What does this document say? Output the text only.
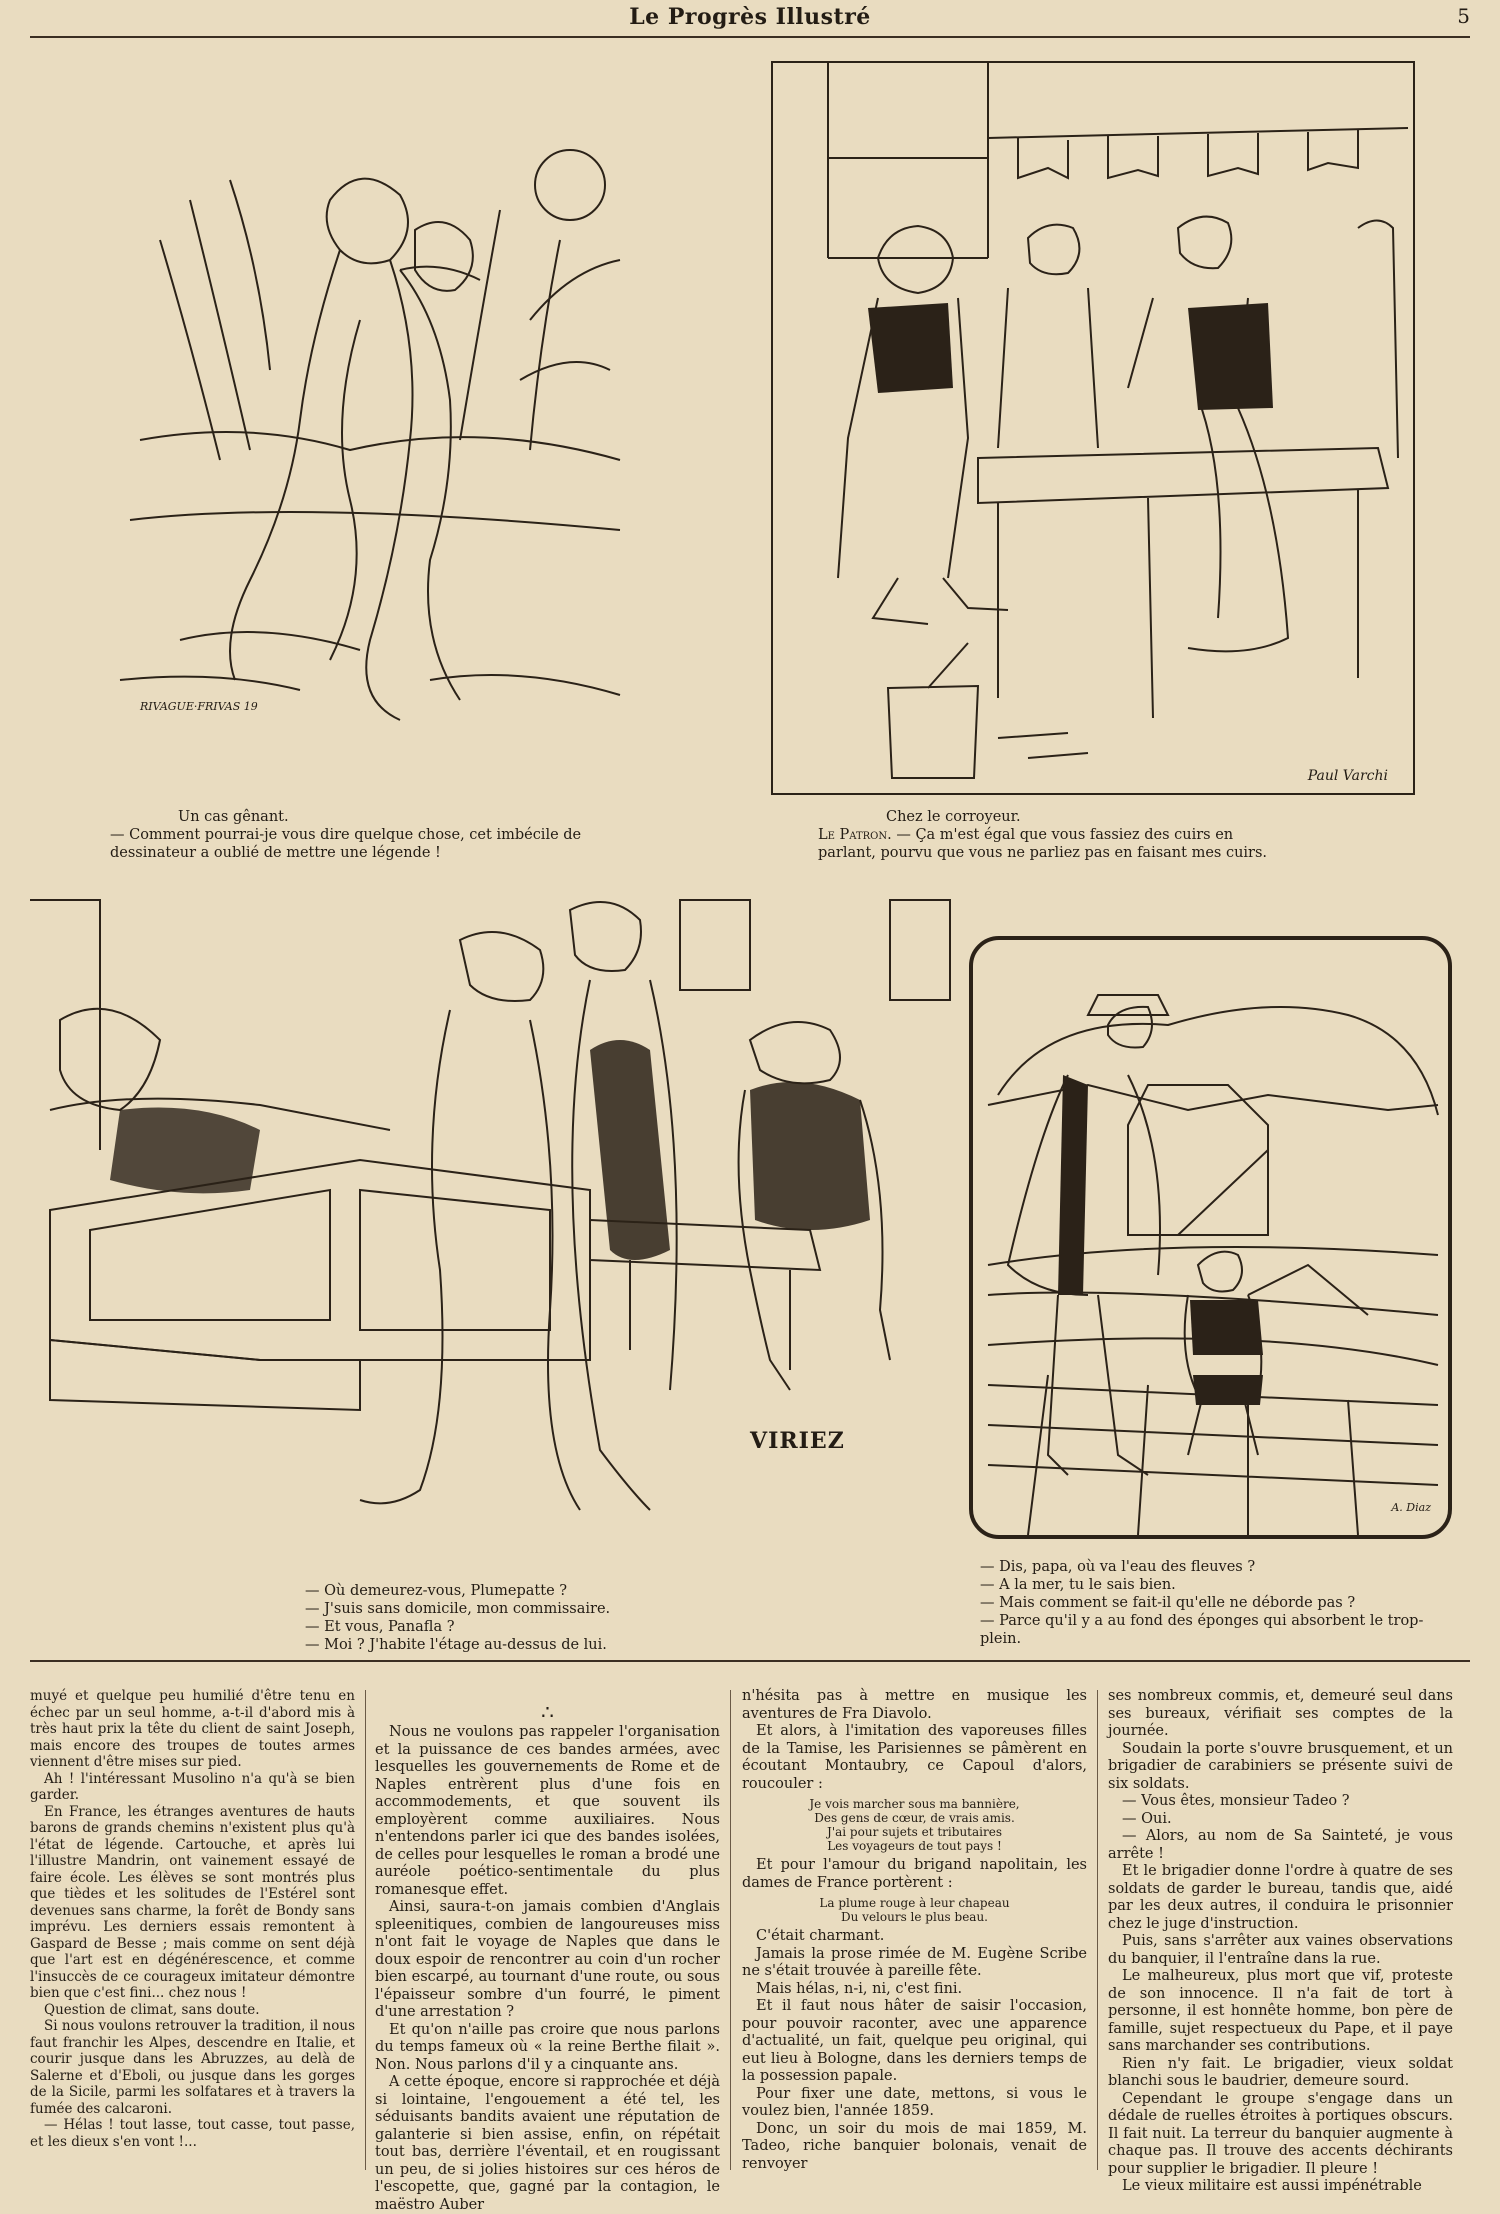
Le Progrès Illustré	5
RIVAGUE·FRIVAS 19
Un cas gênant.
— Comment pourrai-je vous dire quelque chose, cet imbécile de
dessinateur a oublié de mettre une légende !
Paul Varchi
Chez le corroyeur.
Le Patron. — Ça m'est égal que vous fassiez des cuirs en
parlant, pourvu que vous ne parliez pas en faisant mes cuirs.
VIRIEZ
— Où demeurez-vous, Plumepatte ?
— J'suis sans domicile, mon commissaire.
— Et vous, Panafla ?
— Moi ? J'habite l'étage au-dessus de lui.
A. Diaz
— Dis, papa, où va l'eau des fleuves ?
— A la mer, tu le sais bien.
— Mais comment se fait-il qu'elle ne déborde pas ?
— Parce qu'il y a au fond des éponges qui absorbent le trop-
plein.

muyé et quelque peu humilié d'être tenu en échec par un seul homme, a-t-il d'abord mis à très haut prix la tête du client de saint Joseph, mais encore des troupes de toutes armes viennent d'être mises sur pied.

Ah ! l'intéressant Musolino n'a qu'à se bien garder.

En France, les étranges aventures de hauts barons de grands chemins n'existent plus qu'à l'état de légende. Cartouche, et après lui l'illustre Mandrin, ont vainement essayé de faire école. Les élèves se sont montrés plus que tièdes et les solitudes de l'Estérel sont devenues sans charme, la forêt de Bondy sans imprévu. Les derniers essais remontent à Gaspard de Besse ; mais comme on sent déjà que l'art est en dégénérescence, et comme l'insuccès de ce courageux imitateur démontre bien que c'est fini... chez nous !

Question de climat, sans doute.

Si nous voulons retrouver la tradition, il nous faut franchir les Alpes, descendre en Italie, et courir jusque dans les Abruzzes, au delà de Salerne et d'Eboli, ou jusque dans les gorges de la Sicile, parmi les solfatares et à travers la fumée des calcaroni.

— Hélas ! tout lasse, tout casse, tout passe, et les dieux s'en vont !...

∴

Nous ne voulons pas rappeler l'organisation et la puissance de ces bandes armées, avec lesquelles les gouvernements de Rome et de Naples entrèrent plus d'une fois en accommodements, et que souvent ils employèrent comme auxiliaires. Nous n'entendons parler ici que des bandes isolées, de celles pour lesquelles le roman a brodé une auréole poético-sentimentale du plus romanesque effet.

Ainsi, saura-t-on jamais combien d'Anglais spleenitiques, combien de langoureuses miss n'ont fait le voyage de Naples que dans le doux espoir de rencontrer au coin d'un rocher bien escarpé, au tournant d'une route, ou sous l'épaisseur sombre d'un fourré, le piment d'une arrestation ?

Et qu'on n'aille pas croire que nous parlons du temps fameux où « la reine Berthe filait ». Non. Nous parlons d'il y a cinquante ans.

A cette époque, encore si rapprochée et déjà si lointaine, l'engouement a été tel, les séduisants bandits avaient une réputation de galanterie si bien assise, enfin, on répétait tout bas, derrière l'éventail, et en rougissant un peu, de si jolies histoires sur ces héros de l'escopette, que, gagné par la contagion, le maëstro Auber

n'hésita pas à mettre en musique les aventures de Fra Diavolo.

Et alors, à l'imitation des vaporeuses filles de la Tamise, les Parisiennes se pâmèrent en écoutant Montaubry, ce Capoul d'alors, roucouler :

Je vois marcher sous ma bannière,
Des gens de cœur, de vrais amis.
J'ai pour sujets et tributaires
Les voyageurs de tout pays !

Et pour l'amour du brigand napolitain, les dames de France portèrent :

La plume rouge à leur chapeau
Du velours le plus beau.

C'était charmant.

Jamais la prose rimée de M. Eugène Scribe ne s'était trouvée à pareille fête.

Mais hélas, n-i, ni, c'est fini.

Et il faut nous hâter de saisir l'occasion, pour pouvoir raconter, avec une apparence d'actualité, un fait, quelque peu original, qui eut lieu à Bologne, dans les derniers temps de la possession papale.

Pour fixer une date, mettons, si vous le voulez bien, l'année 1859.

Donc, un soir du mois de mai 1859, M. Tadeo, riche banquier bolonais, venait de renvoyer

ses nombreux commis, et, demeuré seul dans ses bureaux, vérifiait ses comptes de la journée.

Soudain la porte s'ouvre brusquement, et un brigadier de carabiniers se présente suivi de six soldats.

— Vous êtes, monsieur Tadeo ?

— Oui.

— Alors, au nom de Sa Sainteté, je vous arrête !

Et le brigadier donne l'ordre à quatre de ses soldats de garder le bureau, tandis que, aidé par les deux autres, il conduira le prisonnier chez le juge d'instruction.

Puis, sans s'arrêter aux vaines observations du banquier, il l'entraîne dans la rue.

Le malheureux, plus mort que vif, proteste de son innocence. Il n'a fait de tort à personne, il est honnête homme, bon père de famille, sujet respectueux du Pape, et il paye sans marchander ses contributions.

Rien n'y fait. Le brigadier, vieux soldat blanchi sous le baudrier, demeure sourd.

Cependant le groupe s'engage dans un dédale de ruelles étroites à portiques obscurs. Il fait nuit. La terreur du banquier augmente à chaque pas. Il trouve des accents déchirants pour supplier le brigadier. Il pleure !

Le vieux militaire est aussi impénétrable
